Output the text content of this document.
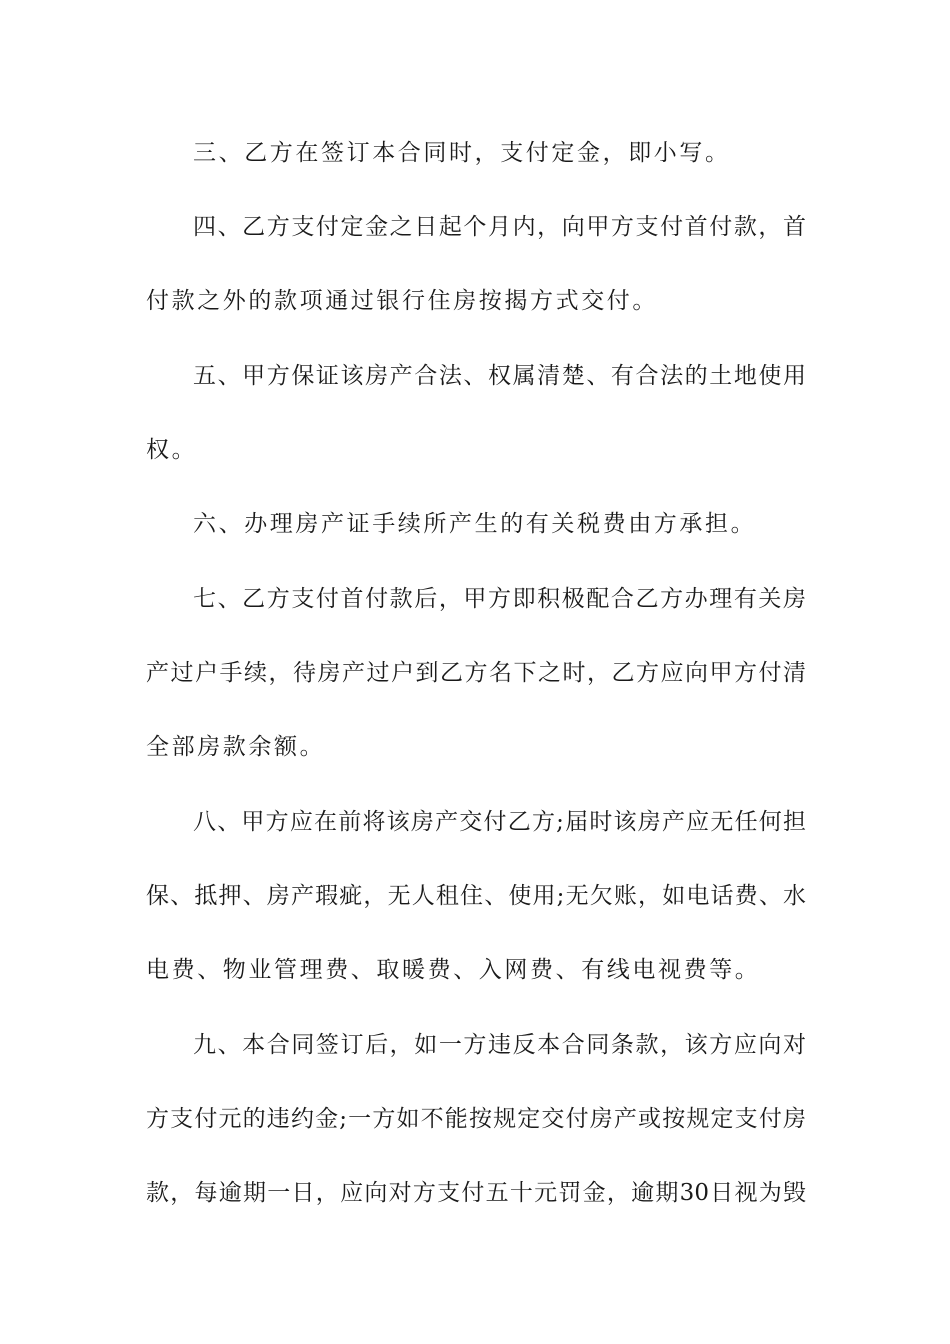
三、乙方在签订本合同时，支付定金，即小写。
四、乙方支付定金之日起个月内，向甲方支付首付款，首
付款之外的款项通过银行住房按揭方式交付。
五、甲方保证该房产合法、权属清楚、有合法的土地使用
权。
六、办理房产证手续所产生的有关税费由方承担。
七、乙方支付首付款后，甲方即积极配合乙方办理有关房
产过户手续，待房产过户到乙方名下之时，乙方应向甲方付清
全部房款余额。
八、甲方应在前将该房产交付乙方;届时该房产应无任何担
保、抵押、房产瑕疵，无人租住、使用;无欠账，如电话费、水
电费、物业管理费、取暖费、入网费、有线电视费等。
九、本合同签订后，如一方违反本合同条款，该方应向对
方支付元的违约金;一方如不能按规定交付房产或按规定支付房
款，每逾期一日，应向对方支付五十元罚金，逾期30日视为毁
